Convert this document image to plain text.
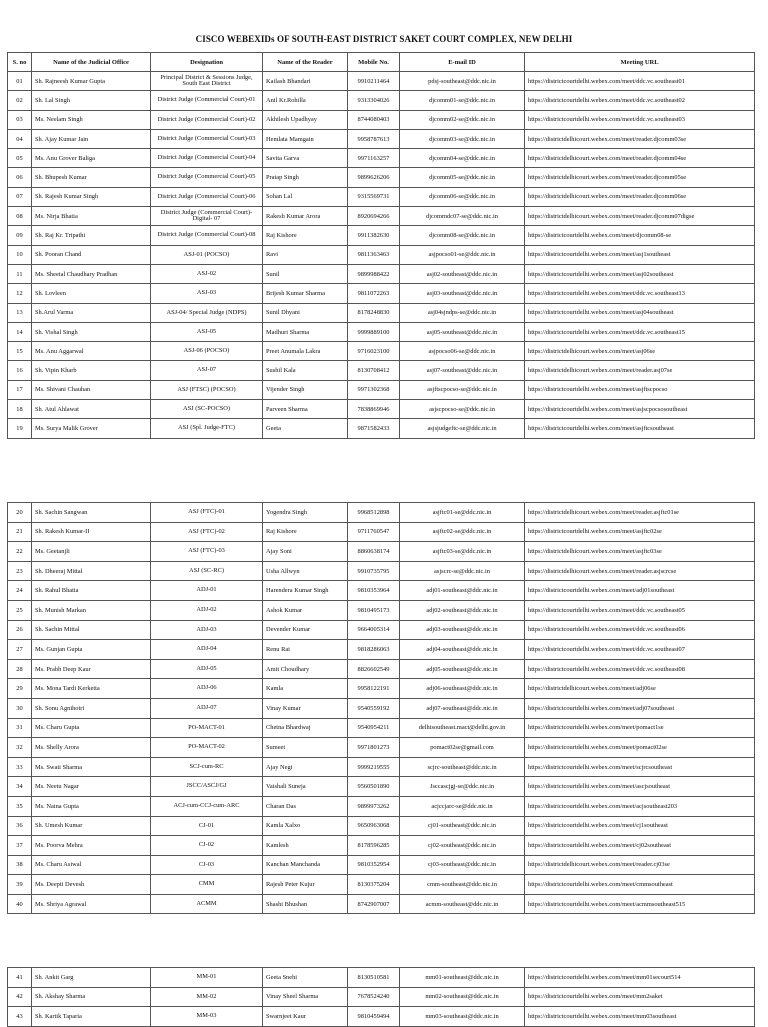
CISCO WEBEXIDs OF SOUTH-EAST DISTRICT SAKET COURT COMPLEX, NEW DELHI
S. no	Name of the Judicial Office	Designation	Name of the Reader	Mobile No.	E-mail ID	Meeting URL
01	Sh. Rajneesh Kumar Gupta	Principal District & Sessions Judge, South East District	Kailash Bhandari	9910211464	pdsj-southeast@ddc.nic.in	https://districtcourtdelhi.webex.com/meet/ddc.vc.southeast01
02	Sh. Lal Singh	District Judge (Commercial Court)-01	Anil Kr.Rohilla	9313304026	djcomm01-se@ddc.nic.in	https://districtcourtdelhi.webex.com/meet/ddc.vc.southeast02
03	Ms. Neelam Singh	District Judge (Commercial Court)-02	Akhilesh Upadhyay	8744080403	djcomm02-se@ddc.nic.in	https://districtcourtdelhi.webex.com/meet/ddc.vc.southeast03
04	Sh. Ajay Kumar Jain	District Judge (Commercial Court)-03	Hemlata Mamgain	9958787613	djcomm03-se@ddc.nic.in	https://districtdelhicourt.webex.com/meet/reader.djcomm03se
05	Ms. Anu Grover Baliga	District Judge (Commercial Court)-04	Savita Garva	9971163257	djcomm04-se@ddc.nic.in	https://districtdelhicourt.webex.com/meet/reader.djcomm04se
06	Sh. Bhupesh Kumar	District Judge (Commercial Court)-05	Pratap Singh	9899626206	djcomm05-se@ddc.nic.in	https://districtdelhicourt.webex.com/meet/reader.djcomm05se
07	Sh. Rajesh Kumar Singh	District Judge (Commercial Court)-06	Sohan Lal	9315569731	djcomm06-se@ddc.nic.in	https://districtdelhicourt.webex.com/meet/reader.djcomm06se
08	Ms. Nirja Bhatia	District Judge (Commercial Court)- Digital- 07	Rakesh Kumar Arora	8920694266	djcommdc07-se@ddc.nic.in	https://districtdelhicourt.webex.com/meet/reader.djcomm07digse
09	Sh. Raj Kr. Tripathi	District Judge (Commercial Court)-08	Raj Kishore	9911382630	djcomm08-se@ddc.nic.in	https://districtcourtdelhi.webex.com/meet/djcomm08-se
10	Sh. Pooran Chand	ASJ-01 (POCSO)	Ravi	9811363463	asjpocso01-se@ddc.nic.in	https://districtcourtdelhi.webex.com/meet/asj1southeast
11	Ms. Sheetal Chaudhary Pradhan	ASJ-02	Sunil	9899988422	asj02-southeast@ddc.nic.in	https://districtcourtdelhi.webex.com/meet/asj02southeast
12	Sh. Lovleen	ASJ-03	Brijesh Kumar Sharma	9811072263	asj03-southeast@ddc.nic.in	https://districtcourtdelhi.webex.com/meet/ddc.vc.southeast13
13	Sh.Arul Varma	ASJ-04/ Special Judge (NDPS)	Sunil Dhyani	8178248830	asj04sjndps-se@ddc.nic.in	https://districtcourtdelhi.webex.com/meet/asj04southeast
14	Sh. Vishal Singh	ASJ-05	Madhuri Sharma	9999889100	asj05-southeast@ddc.nic.in	https://districtcourtdelhi.webex.com/meet/ddc.vc.southeast15
15	Ms. Anu Aggarwal	ASJ-06 (POCSO)	Preet Anumala Lakra	9716023100	asjpocso06-se@ddc.nic.in	https://districtdelhicourt.webex.com/meet/asj06se
16	Sh. Vipin Kharb	ASJ-07	Sushil Kala	8130708412	asj07-southeast@ddc.nic.in	https://districtdelhicourt.webex.com/meet/reader.asj07se
17	Ms. Shivani Chauhan	ASJ (FTSC) (POCSO)	Vijender Singh	9971302368	asjftscpocso-se@ddc.nic.in	https://districtcourtdelhi.webex.com/meet/asjftscpocso
18	Sh. Atul Ahlawat	ASJ (SC-POCSO)	Parveen Sharma	7838869946	asjscpocso-se@ddc.nic.in	https://districtcourtdelhi.webex.com/meet/asjscpocsosoutheast
19	Ms. Surya Malik Grover	ASJ (Spl. Judge-FTC)	Geeta	9871582433	asjsjudgeftc-se@ddc.nic.in	https://districtcourtdelhi.webex.com/meet/asjftcsoutheast
20	Sh. Sachin Sangwan	ASJ (FTC)-01	Yogendra Singh	9968512898	asjftc01-se@ddc.nic.in	https://districtdelhicourt.webex.com/meet/reader.asjftc01se
21	Sh. Rakesh Kumar-II	ASJ (FTC)-02	Raj Kishore	9711760547	asjftc02-se@ddc.nic.in	https://districtcourtdelhi.webex.com/meet/asjftc02se
22	Ms. Geetanjli	ASJ (FTC)-03	Ajay Soni	8860638174	asjftc03-se@ddc.nic.in	https://districtdelhicourt.webex.com/meet/asjftc03se
23	Sh. Dheeraj Mittal	ASJ (SC-RC)	Usha Allwyn	9910735795	asjscrc-se@ddc.nic.in	https://districtdelhicourt.webex.com/meet/reader.asjscrcse
24	Sh. Rahul Bhatia	ADJ-01	Harendera Kumar Singh	9810353964	adj01-southeast@ddc.nic.in	https://districtcourtdelhi.webex.com/meet/adj01southeast
25	Sh. Munish Markan	ADJ-02	Ashok Kumar	9810495173	adj02-southeast@ddc.nic.in	https://districtcourtdelhi.webex.com/meet/ddc.vc.southeast05
26	Sh. Sachin Mittal	ADJ-03	Devender Kumar	9664005314	adj03-southeast@ddc.nic.in	https://districtcourtdelhi.webex.com/meet/ddc.vc.southeast06
27	Ms. Gunjan Gupta	ADJ-04	Renu Rai	9818286063	adj04-southeast@ddc.nic.in	https://districtcourtdelhi.webex.com/meet/ddc.vc.southeast07
28	Ms. Prabh Deep Kaur	ADJ-05	Amit Choudhary	8826602549	adj05-southeast@ddc.nic.in	https://districtcourtdelhi.webex.com/meet/ddc.vc.southeast08
29	Ms. Mona Tardi Kerketta	ADJ-06	Kamla	9958122191	adj06-southeast@ddc.nic.in	https://districtdelhicourt.webex.com/meet/adj06se
30	Sh. Sonu Agnihotri	ADJ-07	Vinay Kumar	9540559192	adj07-southeast@ddc.nic.in	https://districtcourtdelhi.webex.com/meet/adj07southeast
31	Ms. Charu Gupta	PO-MACT-01	Chetna Bhardwaj	9540954211	delhisoutheast.mact@delhi.gov.in	https://districtcourtdelhi.webex.com/meet/pomact1se
32	Ms. Shelly Arora	PO-MACT-02	Sumeet	9971801273	pomact02se@gmail.com	https://districtcourtdelhi.webex.com/meet/pomact02se
33	Ms. Swati Sharma	SCJ-cum-RC	Ajay Negi	9999219555	scjrc-southeast@ddc.nic.in	https://districtcourtdelhi.webex.com/meet/scjrcsoutheast
34	Ms. Neetu Nagar	JSCC/ASCJ/GJ	Vaishali Suneja	9560501890	Jsccascjgj-se@ddc.nic.in	https://districtcourtdelhi.webex.com/meet/ascjsoutheast
35	Ms. Naina Gupta	ACJ-cum-CCJ-cum-ARC	Charan Das	9899973262	acjccjarc-se@ddc.nic.in	https://districtcourtdelhi.webex.com/meet/acjsoutheast203
36	Sh. Umesh Kumar	CJ-01	Kamla Xalxo	9650963068	cj01-southeast@ddc.nic.in	https://districtcourtdelhi.webex.com/meet/cj1southeast
37	Ms. Poorva Mehra	CJ-02	Kamlesh	8178596285	cj02-southeast@ddc.nic.in	https://districtcourtdelhi.webex.com/meet/cj02southeast
38	Ms. Charu Asiwal	CJ-03	Kanchan Manchanda	9810352954	cj03-southeast@ddc.nic.in	https://districtdelhicourt.webex.com/meet/reader.cj03se
39	Ms. Deepti Devesh	CMM	Rajesh Peter Kujur	8130375204	cmm-southeast@ddc.nic.in	https://districtcourtdelhi.webex.com/meet/cmmsoutheast
40	Ms. Shriya Agrawal	ACMM	Shashi Bhushan	8742907007	acmm-southeast@ddc.nic.in	https://districtcourtdelhi.webex.com/meet/acmmsoutheast515
41	Sh. Ankit Garg	MM-01	Geeta Snehi	8130510581	mm01-southeast@ddc.nic.in	https://districtcourtdelhi.webex.com/meet/mm01secourt514
42	Sh. Akshay Sharma	MM-02	Vinay Sheel Sharma	7678524240	mm02-southeast@ddc.nic.in	https://districtcourtdelhi.webex.com/meet/mm2saket
43	Sh. Kartik Taparia	MM-03	Swarnjeet Kaur	9810459494	mm03-southeast@ddc.nic.in	https://districtcourtdelhi.webex.com/meet/mm03southeast
